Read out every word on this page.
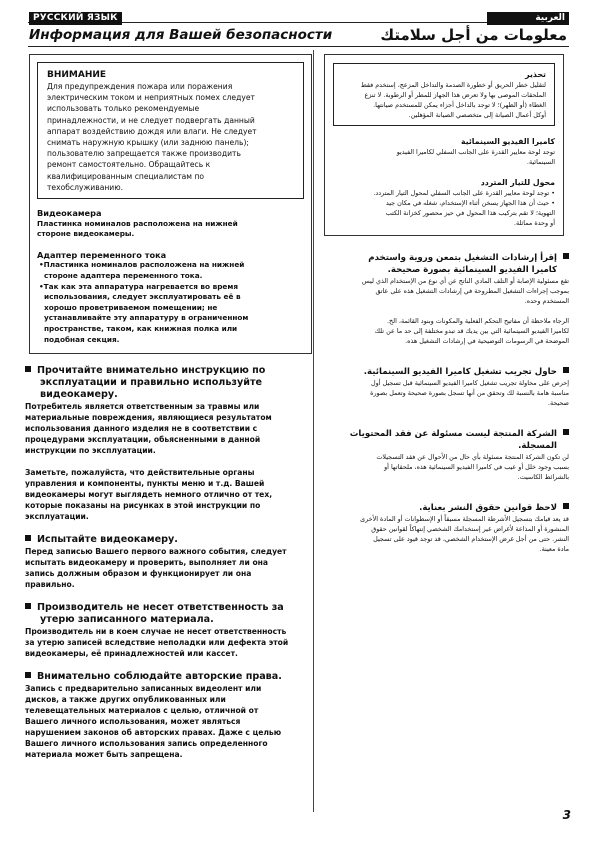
РУССКИЙ ЯЗЫК	العربية
Информация для Вашей безопасности	معلومات من أجل سلامتك
ВНИМАНИЕ
Для предупреждения пожара или поражения
электрическим током и неприятных помех следует
использовать только рекомендуемые
принадлежности, и не следует подвергать данный
аппарат воздействию дождя или влаги. Не следует
снимать наружную крышку (или заднюю панель);
пользователю запрещается также производить
ремонт самостоятельно. Обращайтесь к
квалифицированным специалистам по
техобслуживанию.
Видеокамера
Пластинка номиналов расположена на нижней
стороне видеокамеры.
Адаптер переменного тока
•Пластинка номиналов расположена на нижней
стороне адаптера переменного тока.
•Так как эта аппаратура нагревается во время
использования, следует эксплуатировать её в
хорошо проветриваемом помещении; не
устанавливайте эту аппаратуру в ограниченном
пространстве, таком, как книжная полка или
подобная секция.
Прочитайте внимательно инструкцию по
эксплуатации и правильно используйте
видеокамеру.
Потребитель является ответственным за травмы или
материальные повреждения, являющиеся результатом
использования данного изделия не в соответствии с
процедурами эксплуатации, обьясненными в данной
инструкции по эксплуатации.
Заметьте, пожалуйста, что действительные органы
управления и компоненты, пункты меню и т.д. Вашей
видеокамеры могут выглядеть немного отлично от тех,
которые показаны на рисунках в этой инструкции по
эксплуатации.
Испытайте видеокамеру.
Перед записью Вашего первого важного события, следует
испытать видеокамеру и проверить, выполняет ли она
запись должным образом и функционирует ли она
правильно.
Производитель не несет ответственность за
утерю записанного материала.
Производитель ни в коем случае не несет ответственность
за утерю записей вследствие неполадки или дефекта этой
видеокамеры, её принадлежностей или кассет.
Внимательно соблюдайте авторские права.
Запись с предварительно записанных видеолент или
дисков, а также других опубликованных или
телевещательных материалов с целью, отличной от
Вашего личного использования, может являться
нарушением законов об авторских правах. Даже с целью
Вашего личного использования запись определенного
материала может быть запрещена.
تحذير
لتقليل خطر الحريق أو خطورة الصدمة والتداخل المزعج، إستخدم فقط
الملحقات الموصى بها ولا تعرض هذا الجهاز للمطر أو الرطوبة. لا تنزع
الغطاء (أو الظهر)؛ لا توجد بالداخل أجزاء يمكن للمستخدم صيانتها.
أوكل أعمال الصيانة إلى متخصصي الصيانة المؤهلين.
كاميرا الفيديو السينمائية
توجد لوحة معايير القدرة على الجانب السفلي لكاميرا الفيديو
السينمائية.
محول للتيار المتردد
• توجد لوحة معايير القدرة على الجانب السفلي لمحول التيار المتردد.
• حيث أن هذا الجهاز يسخن أثناء الإستخدام، شغله في مكان جيد
التهوية؛ لا تقم بتركيب هذا المحول في حيز محصور كخزانة الكتب
أو وحدة مماثلة.
إقرأ إرشادات التشغيل بتمعن وروية واستخدم
كاميرا الفيديو السينمائية بصورة صحيحة.
تقع مسئولية الإصابة أو التلف المادي الناتج عن أي نوع من الإستخدام الذي ليس
بموجب إجراءات التشغيل المطروحة في إرشادات التشغيل هذه على عاتق
المستخدم وحده.
الرجاء ملاحظة أن مفاتيح التحكم الفعلية والمكونات وبنود القائمة، الخ.
لكاميرا الفيديو السينمائية التي بين يديك قد تبدو مختلفة إلى حد ما عن تلك
الموضحة في الرسومات التوضيحية في إرشادات التشغيل هذه.
حاول تجريب تشغيل كاميرا الفيديو السينمائية.
إحرص على محاولة تجريب تشغيل كاميرا الفيديو السينمائية قبل تسجيل أول
مناسبة هامة بالنسبة لك وتحقق من أنها تسجل بصورة صحيحة وتعمل بصورة
صحيحة.
الشركة المنتجة ليست مسئولة عن فقد المحتويات
المسجلة.
لن تكون الشركة المنتجة مسئولة بأي حال من الأحوال عن فقد التسجيلات
بسبب وجود خلل أو عيب في كاميرا الفيديو السينمائية هذه، ملحقاتها أو
بالشرائط الكاسيت.
لاحظ قوانين حقوق النشر بعناية.
قد يعد قيامك بتسجيل الأشرطة المسجلة مسبقاً أو الإسطوانات أو المادة الأخرى
المنشورة أو المذاعة لأغراض غير إستخدامك الشخصي إنتهاكاً لقوانين حقوق
النشر. حتى من أجل غرض الإستخدام الشخصي، قد توجد قيود على تسجيل
مادة معينة.
3
